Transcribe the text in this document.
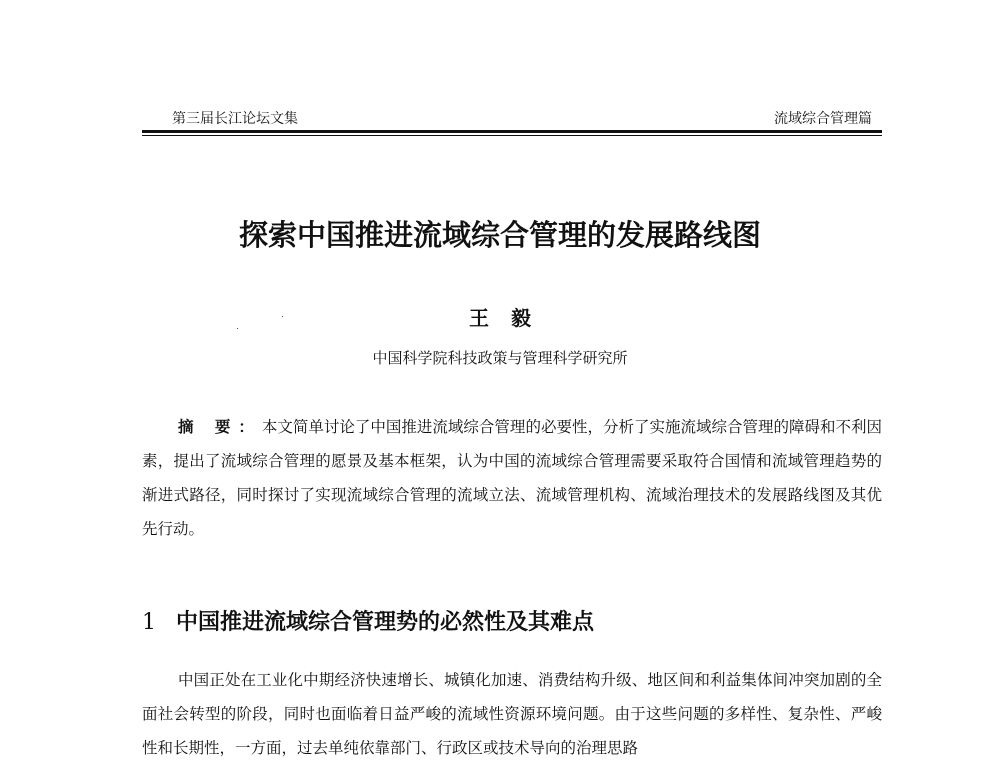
第三届长江论坛文集	流域综合管理篇
探索中国推进流域综合管理的发展路线图
王毅
中国科学院科技政策与管理科学研究所
摘 要：本文简单讨论了中国推进流域综合管理的必要性，分析了实施流域综合管理的障碍和不利因素，提出了流域综合管理的愿景及基本框架，认为中国的流域综合管理需要采取符合国情和流域管理趋势的渐进式路径，同时探讨了实现流域综合管理的流域立法、流域管理机构、流域治理技术的发展路线图及其优先行动。
1 中国推进流域综合管理势的必然性及其难点
中国正处在工业化中期经济快速增长、城镇化加速、消费结构升级、地区间和利益集体间冲突加剧的全面社会转型的阶段，同时也面临着日益严峻的流域性资源环境问题。由于这些问题的多样性、复杂性、严峻性和长期性，一方面，过去单纯依靠部门、行政区或技术导向的治理思路
